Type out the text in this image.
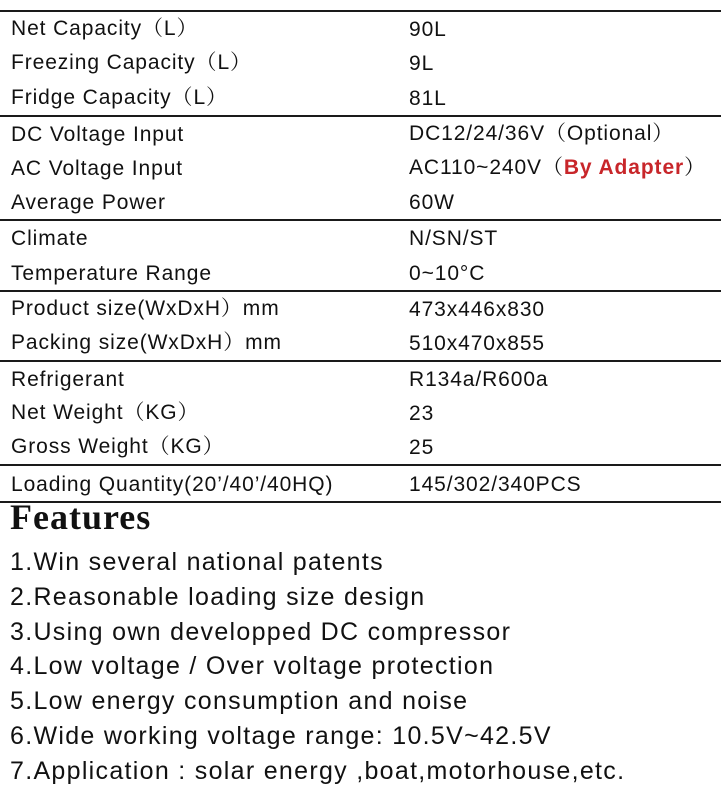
Net Capacity（L）	90L
Freezing Capacity（L）	9L
Fridge Capacity（L）	81L
DC Voltage Input	DC12/24/36V（Optional）
AC Voltage Input	AC110~240V（By Adapter）
Average Power	60W
Climate	N/SN/ST
Temperature Range	0~10°C
Product size(WxDxH）mm	473x446x830
Packing size(WxDxH）mm	510x470x855
Refrigerant	R134a/R600a
Net Weight（KG）	23
Gross Weight（KG）	25
Loading Quantity(20’/40’/40HQ)	145/302/340PCS
Features
1.Win several national patents
2.Reasonable loading size design
3.Using own developped DC compressor
4.Low voltage / Over voltage protection
5.Low energy consumption and noise
6.Wide working voltage range: 10.5V~42.5V
7.Application : solar energy ,boat,motorhouse,etc.
